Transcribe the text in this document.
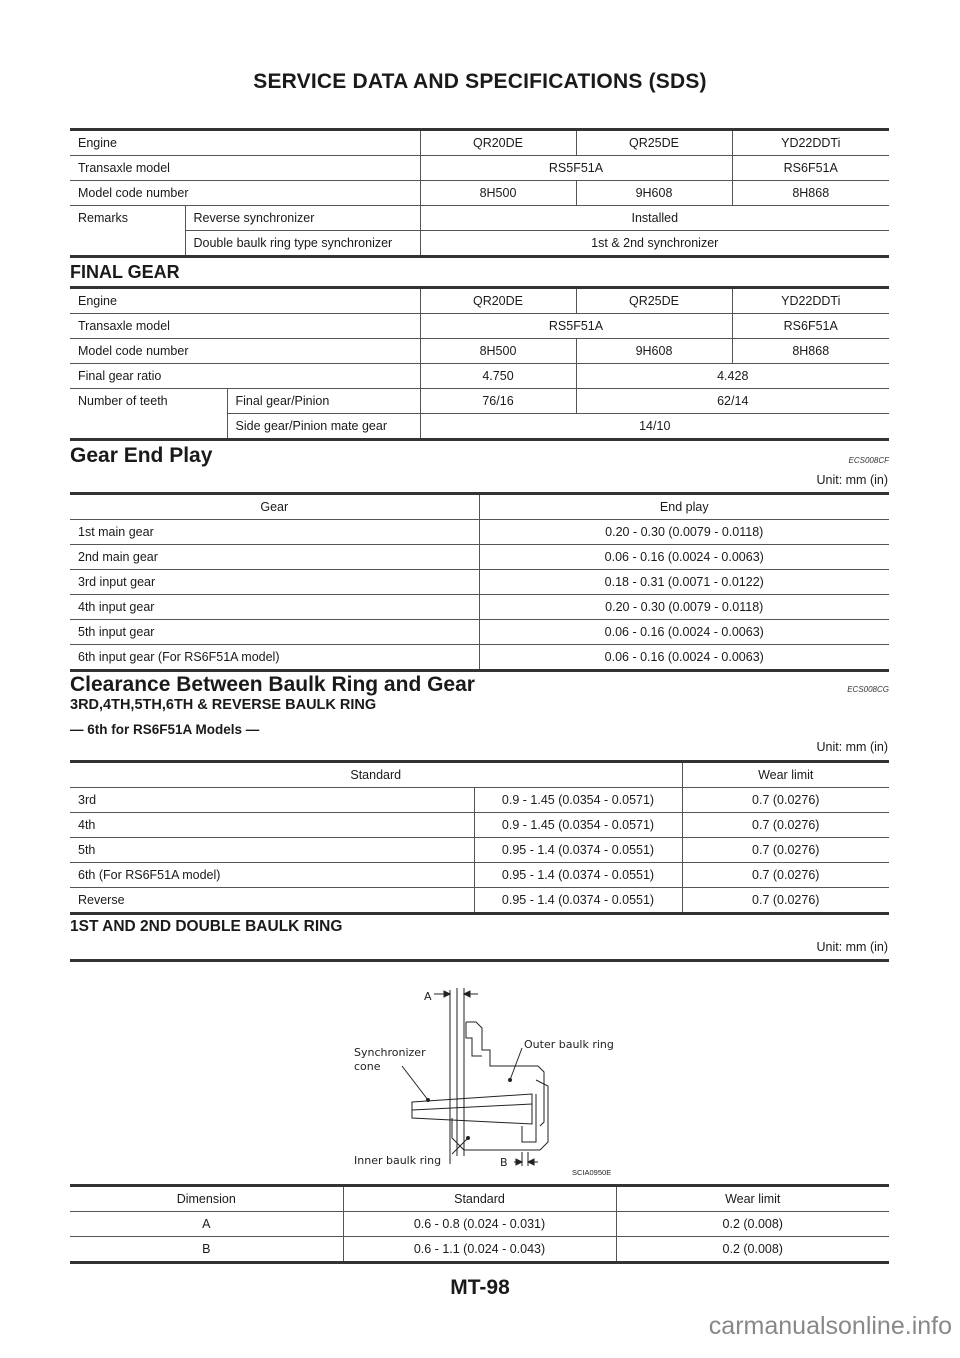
SERVICE DATA AND SPECIFICATIONS (SDS)
Engine		QR20DE	QR25DE	YD22DDTi
Transaxle model		RS5F51A		RS6F51A
Model code number		8H500	9H608	8H868
Remarks	Reverse synchronizer	Installed		
	Double baulk ring type synchronizer	1st & 2nd synchronizer		
FINAL GEAR
Engine		QR20DE	QR25DE	YD22DDTi
Transaxle model		RS5F51A		RS6F51A
Model code number		8H500	9H608	8H868
Final gear ratio		4.750	4.428	
Number of teeth	Final gear/Pinion	76/16	62/14	
	Side gear/Pinion mate gear	14/10		
Gear End Play	ECS008CF
Unit: mm (in)
Gear	End play
1st main gear	0.20 - 0.30 (0.0079 - 0.0118)
2nd main gear	0.06 - 0.16 (0.0024 - 0.0063)
3rd input gear	0.18 - 0.31 (0.0071 - 0.0122)
4th input gear	0.20 - 0.30 (0.0079 - 0.0118)
5th input gear	0.06 - 0.16 (0.0024 - 0.0063)
6th input gear (For RS6F51A model)	0.06 - 0.16 (0.0024 - 0.0063)
Clearance Between Baulk Ring and Gear	ECS008CG
3RD,4TH,5TH,6TH & REVERSE BAULK RING
— 6th for RS6F51A Models —
Unit: mm (in)
Standard		Wear limit
3rd	0.9 - 1.45 (0.0354 - 0.0571)	0.7 (0.0276)
4th	0.9 - 1.45 (0.0354 - 0.0571)	0.7 (0.0276)
5th	0.95 - 1.4 (0.0374 - 0.0551)	0.7 (0.0276)
6th (For RS6F51A model)	0.95 - 1.4 (0.0374 - 0.0551)	0.7 (0.0276)
Reverse	0.95 - 1.4 (0.0374 - 0.0551)	0.7 (0.0276)
1ST AND 2ND DOUBLE BAULK RING
Unit: mm (in)
A
Synchronizer
cone
Outer baulk ring
Inner baulk ring	B
SCIA0950E
Dimension	Standard	Wear limit
A	0.6 - 0.8 (0.024 - 0.031)	0.2 (0.008)
B	0.6 - 1.1 (0.024 - 0.043)	0.2 (0.008)
MT-98
carmanualsonline.info
